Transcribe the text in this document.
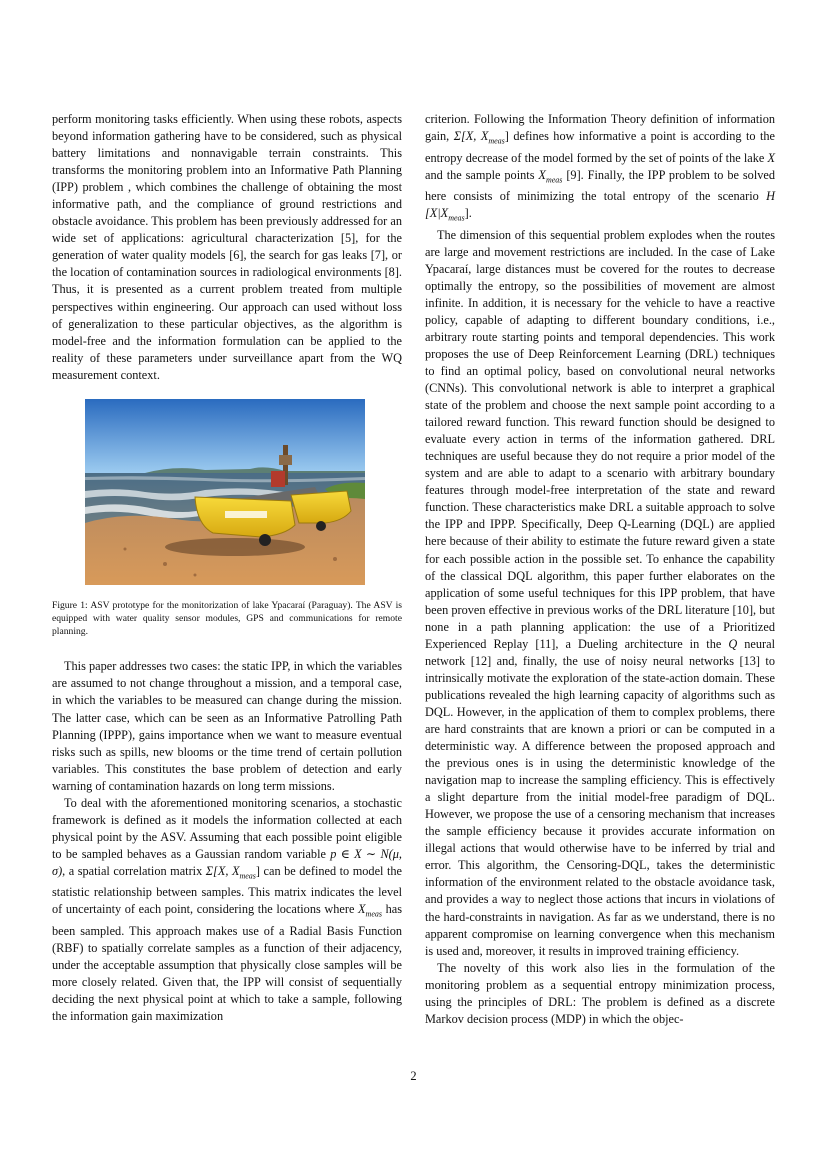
perform monitoring tasks efficiently. When using these robots, aspects beyond information gathering have to be considered, such as physical battery limitations and nonnavigable terrain constraints. This transforms the monitoring problem into an Informative Path Planning (IPP) problem , which combines the challenge of obtaining the most informative path, and the compliance of ground restrictions and obstacle avoidance. This problem has been previously addressed for an wide set of applications: agricultural characterization [5], for the generation of water quality models [6], the search for gas leaks [7], or the location of contamination sources in radiological environments [8]. Thus, it is presented as a current problem treated from multiple perspectives within engineering. Our approach can used without loss of generalization to these particular objectives, as the algorithm is model-free and the information formulation can be applied to the reality of these parameters under surveillance apart from the WQ measurement context.

Figure 1: ASV prototype for the monitorization of lake Ypacaraí (Paraguay). The ASV is equipped with water quality sensor modules, GPS and communications for remote planning.

This paper addresses two cases: the static IPP, in which the variables are assumed to not change throughout a mission, and a temporal case, in which the variables to be measured can change during the mission. The latter case, which can be seen as an Informative Patrolling Path Planning (IPPP), gains importance when we want to measure eventual risks such as spills, new blooms or the time trend of certain pollution variables. This constitutes the base problem of detection and early warning of contamination hazards on long term missions.

To deal with the aforementioned monitoring scenarios, a stochastic framework is defined as it models the information collected at each physical point by the ASV. Assuming that each possible point eligible to be sampled behaves as a Gaussian random variable p ∈ X ∼ N(μ, σ), a spatial correlation matrix Σ[X, $X_{meas}$] can be defined to model the statistic relationship between samples. This matrix indicates the level of uncertainty of each point, considering the locations where $X_{meas}$ has been sampled. This approach makes use of a Radial Basis Function (RBF) to spatially correlate samples as a function of their adjacency, under the acceptable assumption that physically close samples will be more closely related. Given that, the IPP will consist of sequentially deciding the next physical point at which to take a sample, following the information gain maximization

criterion. Following the Information Theory definition of information gain, Σ[X, $X_{meas}$] defines how informative a point is according to the entropy decrease of the model formed by the set of points of the lake X and the sample points $X_{meas}$ [9]. Finally, the IPP problem to be solved here consists of minimizing the total entropy of the scenario H $[X|X_{meas}]$.

The dimension of this sequential problem explodes when the routes are large and movement restrictions are included. In the case of Lake Ypacaraí, large distances must be covered for the routes to decrease optimally the entropy, so the possibilities of movement are almost infinite. In addition, it is necessary for the vehicle to have a reactive policy, capable of adapting to different boundary conditions, i.e., arbitrary route starting points and temporal dependencies. This work proposes the use of Deep Reinforcement Learning (DRL) techniques to find an optimal policy, based on convolutional neural networks (CNNs). This convolutional network is able to interpret a graphical state of the problem and choose the next sample point according to a tailored reward function. This reward function should be designed to evaluate every action in terms of the information gathered. DRL techniques are useful because they do not require a prior model of the system and are able to adapt to a scenario with arbitrary boundary features through model-free interpretation of the state and reward function. These characteristics make DRL a suitable approach to solve the IPP and IPPP. Specifically, Deep Q-Learning (DQL) are applied here because of their ability to estimate the future reward given a state for each possible action in the possible set. To enhance the capability of the classical DQL algorithm, this paper further elaborates on the application of some useful techniques for this IPP problem, that have been proven effective in previous works of the DRL literature [10], but none in a path planning application: the use of a Prioritized Experienced Replay [11], a Dueling architecture in the Q neural network [12] and, finally, the use of noisy neural networks [13] to intrinsically motivate the exploration of the state-action domain. These publications revealed the high learning capacity of algorithms such as DQL. However, in the application of them to complex problems, there are hard constraints that are known a priori or can be computed in a deterministic way. A difference between the proposed approach and the previous ones is in using the deterministic knowledge of the navigation map to increase the sampling efficiency. This is effectively a slight departure from the initial model-free paradigm of DQL. However, we propose the use of a censoring mechanism that increases the sample efficiency because it provides accurate information on illegal actions that would otherwise have to be inferred by trial and error. This algorithm, the Censoring-DQL, takes the deterministic information of the environment related to the obstacle avoidance task, and provides a way to neglect those actions that incurs in violations of the hard-constraints in navigation. As far as we understand, there is no apparent compromise on learning convergence when this mechanism is used and, moreover, it results in improved training efficiency.

The novelty of this work also lies in the formulation of the monitoring problem as a sequential entropy minimization process, using the principles of DRL: The problem is defined as a discrete Markov decision process (MDP) in which the objec-

2
